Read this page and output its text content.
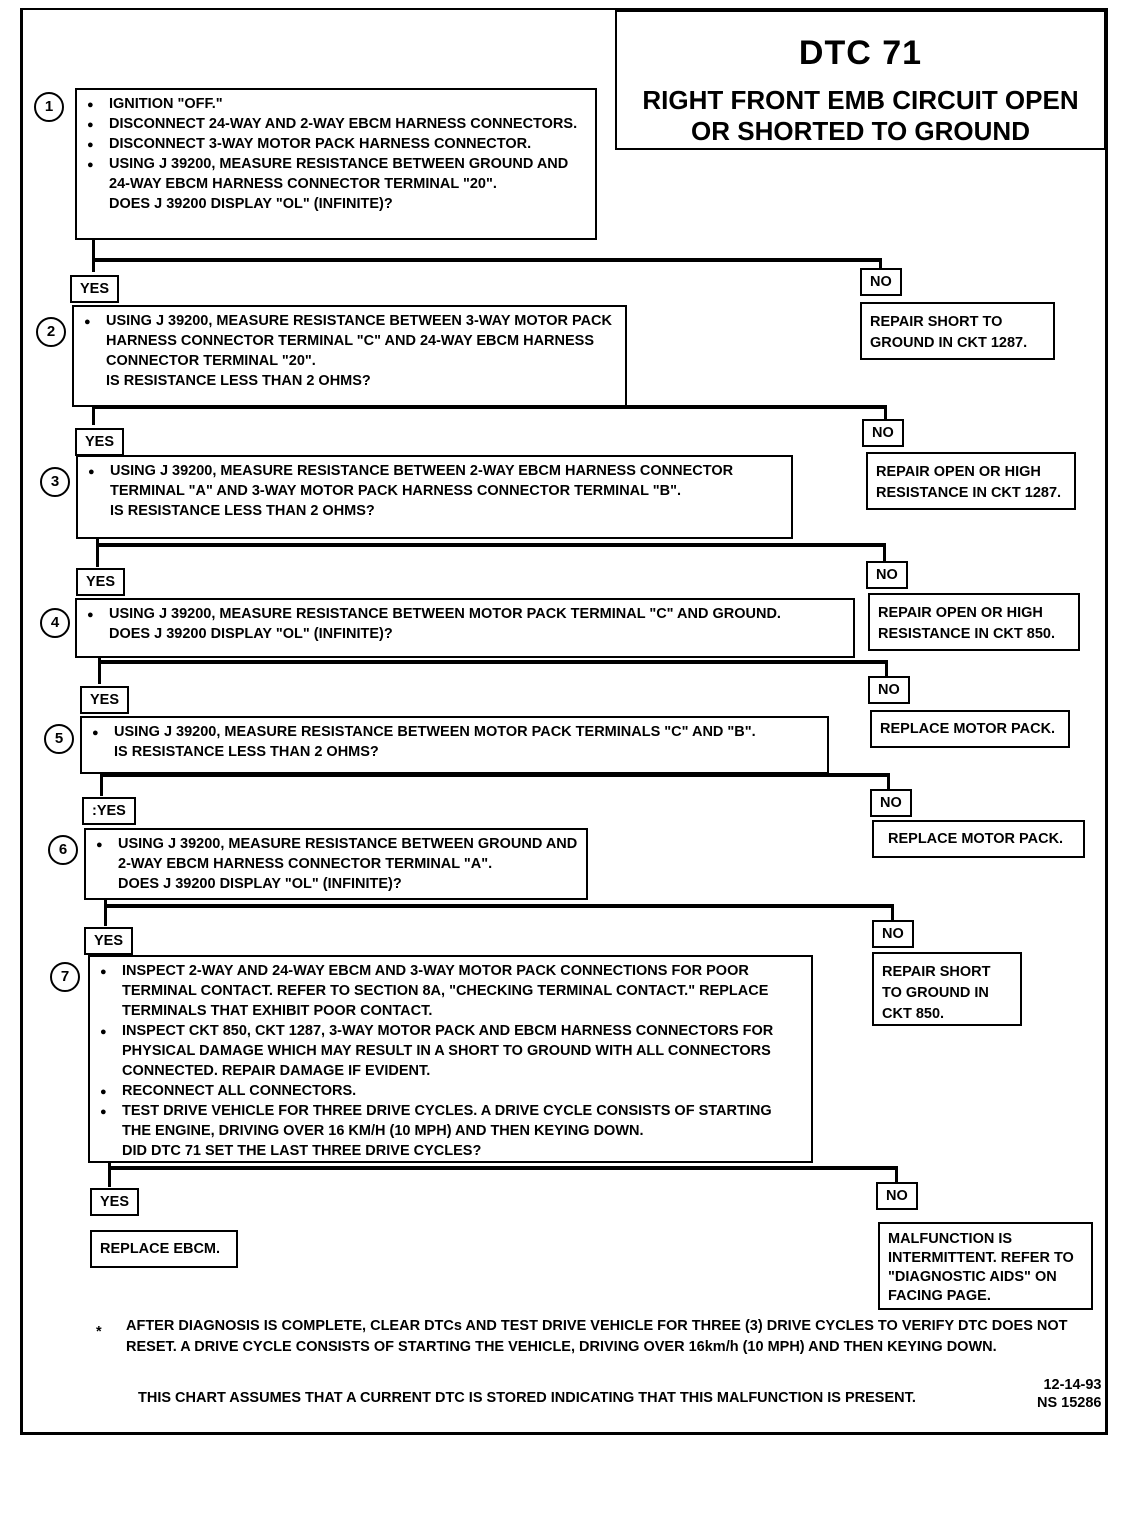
DTC 71
RIGHT FRONT EMB CIRCUIT OPEN
OR SHORTED TO GROUND
1	● IGNITION "OFF."
● DISCONNECT 24-WAY AND 2-WAY EBCM HARNESS CONNECTORS.
● DISCONNECT 3-WAY MOTOR PACK HARNESS CONNECTOR.
● USING J 39200, MEASURE RESISTANCE BETWEEN GROUND AND 24-WAY EBCM HARNESS CONNECTOR TERMINAL "20".
DOES J 39200 DISPLAY "OL" (INFINITE)?
YES	NO
REPAIR SHORT TO GROUND IN CKT 1287.
2
● USING J 39200, MEASURE RESISTANCE BETWEEN 3-WAY MOTOR PACK HARNESS CONNECTOR TERMINAL "C" AND 24-WAY EBCM HARNESS CONNECTOR TERMINAL "20".
IS RESISTANCE LESS THAN 2 OHMS?
YES
NO
REPAIR OPEN OR HIGH RESISTANCE IN CKT 1287.
3
● USING J 39200, MEASURE RESISTANCE BETWEEN 2-WAY EBCM HARNESS CONNECTOR TERMINAL "A" AND 3-WAY MOTOR PACK HARNESS CONNECTOR TERMINAL "B".
IS RESISTANCE LESS THAN 2 OHMS?
YES	NO
REPAIR OPEN OR HIGH RESISTANCE IN CKT 850.
4	● USING J 39200, MEASURE RESISTANCE BETWEEN MOTOR PACK TERMINAL "C" AND GROUND.
DOES J 39200 DISPLAY "OL" (INFINITE)?
YES
NO
REPLACE MOTOR PACK.
5	● USING J 39200, MEASURE RESISTANCE BETWEEN MOTOR PACK TERMINALS "C" AND "B".
IS RESISTANCE LESS THAN 2 OHMS?
:YES	NO
REPLACE MOTOR PACK.
6	● USING J 39200, MEASURE RESISTANCE BETWEEN GROUND AND 2-WAY EBCM HARNESS CONNECTOR TERMINAL "A".
DOES J 39200 DISPLAY "OL" (INFINITE)?
YES	NO
REPAIR SHORT TO GROUND IN CKT 850.
7	● INSPECT 2-WAY AND 24-WAY EBCM AND 3-WAY MOTOR PACK CONNECTIONS FOR POOR TERMINAL CONTACT. REFER TO SECTION 8A, "CHECKING TERMINAL CONTACT." REPLACE TERMINALS THAT EXHIBIT POOR CONTACT.
● INSPECT CKT 850, CKT 1287, 3-WAY MOTOR PACK AND EBCM HARNESS CONNECTORS FOR PHYSICAL DAMAGE WHICH MAY RESULT IN A SHORT TO GROUND WITH ALL CONNECTORS CONNECTED. REPAIR DAMAGE IF EVIDENT.
● RECONNECT ALL CONNECTORS.
● TEST DRIVE VEHICLE FOR THREE DRIVE CYCLES. A DRIVE CYCLE CONSISTS OF STARTING THE ENGINE, DRIVING OVER 16 KM/H (10 MPH) AND THEN KEYING DOWN.
DID DTC 71 SET THE LAST THREE DRIVE CYCLES?
YES	NO
REPLACE EBCM.
MALFUNCTION IS INTERMITTENT. REFER TO "DIAGNOSTIC AIDS" ON FACING PAGE.
* AFTER DIAGNOSIS IS COMPLETE, CLEAR DTCs AND TEST DRIVE VEHICLE FOR THREE (3) DRIVE CYCLES TO VERIFY DTC DOES NOT RESET. A DRIVE CYCLE CONSISTS OF STARTING THE VEHICLE, DRIVING OVER 16km/h (10 MPH) AND THEN KEYING DOWN.
THIS CHART ASSUMES THAT A CURRENT DTC IS STORED INDICATING THAT THIS MALFUNCTION IS PRESENT.
12-14-93
NS 15286
